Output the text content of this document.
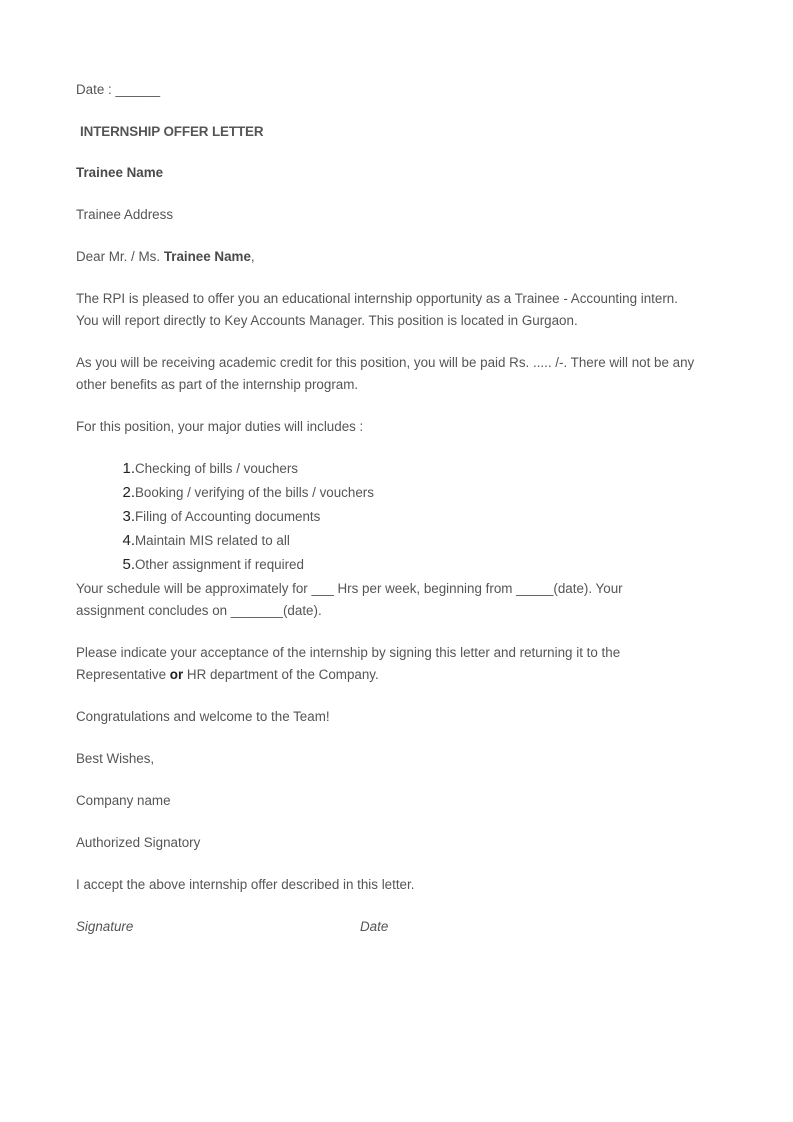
Date : ______
INTERNSHIP OFFER LETTER
Trainee Name
Trainee Address
Dear Mr. / Ms. Trainee Name,
The RPI is pleased to offer you an educational internship opportunity as a Trainee - Accounting intern.
You will report directly to Key Accounts Manager. This position is located in Gurgaon.
As you will be receiving academic credit for this position, you will be paid Rs. ..... /-. There will not be any
other benefits as part of the internship program.
For this position, your major duties will includes :
1.Checking of bills / vouchers
2.Booking / verifying of the bills / vouchers
3.Filing of Accounting documents
4.Maintain MIS related to all
5.Other assignment if required
Your schedule will be approximately for ___ Hrs per week, beginning from _____(date). Your
assignment concludes on _______(date).
Please indicate your acceptance of the internship by signing this letter and returning it to the
Representative or HR department of the Company.
Congratulations and welcome to the Team!
Best Wishes,
Company name
Authorized Signatory
I accept the above internship offer described in this letter.
Signature	Date
